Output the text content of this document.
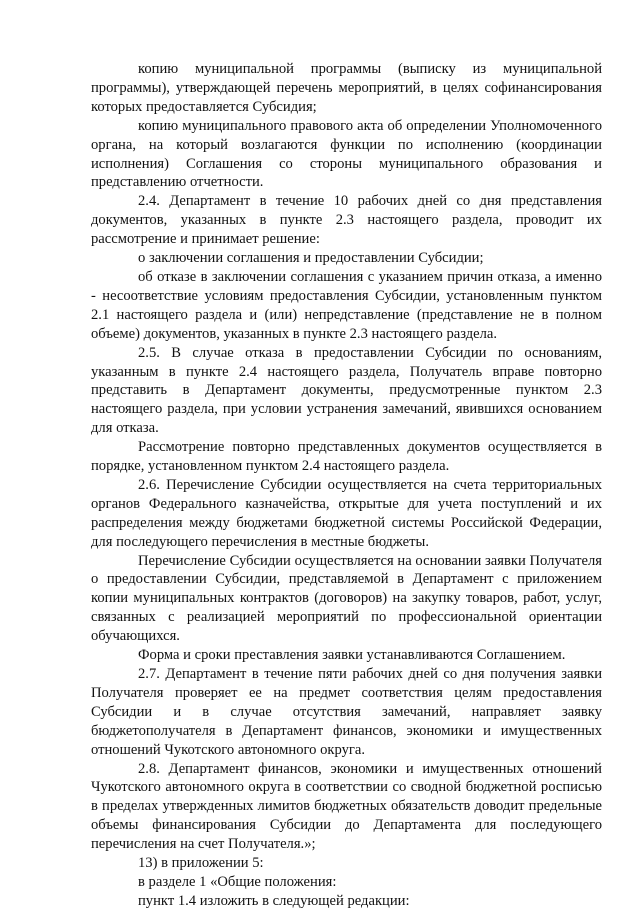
копию муниципальной программы (выписку из муниципальной программы), утверждающей перечень мероприятий, в целях софинансирования которых предоставляется Субсидия;

копию муниципального правового акта об определении Уполномоченного органа, на который возлагаются функции по исполнению (координации исполнения) Соглашения со стороны муниципального образования и представлению отчетности.

2.4. Департамент в течение 10 рабочих дней со дня представления документов, указанных в пункте 2.3 настоящего раздела, проводит их рассмотрение и принимает решение:

о заключении соглашения и предоставлении Субсидии;

об отказе в заключении соглашения с указанием причин отказа, а именно - несоответствие условиям предоставления Субсидии, установленным пунктом 2.1 настоящего раздела и (или) непредставление (представление не в полном объеме) документов, указанных в пункте 2.3 настоящего раздела.

2.5. В случае отказа в предоставлении Субсидии по основаниям, указанным в пункте 2.4 настоящего раздела, Получатель вправе повторно представить в Департамент документы, предусмотренные пунктом 2.3 настоящего раздела, при условии устранения замечаний, явившихся основанием для отказа.

Рассмотрение повторно представленных документов осуществляется в порядке, установленном пунктом 2.4 настоящего раздела.

2.6. Перечисление Субсидии осуществляется на счета территориальных органов Федерального казначейства, открытые для учета поступлений и их распределения между бюджетами бюджетной системы Российской Федерации, для последующего перечисления в местные бюджеты.

Перечисление Субсидии осуществляется на основании заявки Получателя о предоставлении Субсидии, представляемой в Департамент с приложением копии муниципальных контрактов (договоров) на закупку товаров, работ, услуг, связанных с реализацией мероприятий по профессиональной ориентации обучающихся.

Форма и сроки преставления заявки устанавливаются Соглашением.

2.7. Департамент в течение пяти рабочих дней со дня получения заявки Получателя проверяет ее на предмет соответствия целям предоставления Субсидии и в случае отсутствия замечаний, направляет заявку бюджетополучателя в Департамент финансов, экономики и имущественных отношений Чукотского автономного округа.

2.8. Департамент финансов, экономики и имущественных отношений Чукотского автономного округа в соответствии со сводной бюджетной росписью в пределах утвержденных лимитов бюджетных обязательств доводит предельные объемы финансирования Субсидии до Департамента для последующего перечисления на счет Получателя.»;

13) в приложении 5:

в разделе 1 «Общие положения:

пункт 1.4 изложить в следующей редакции:
